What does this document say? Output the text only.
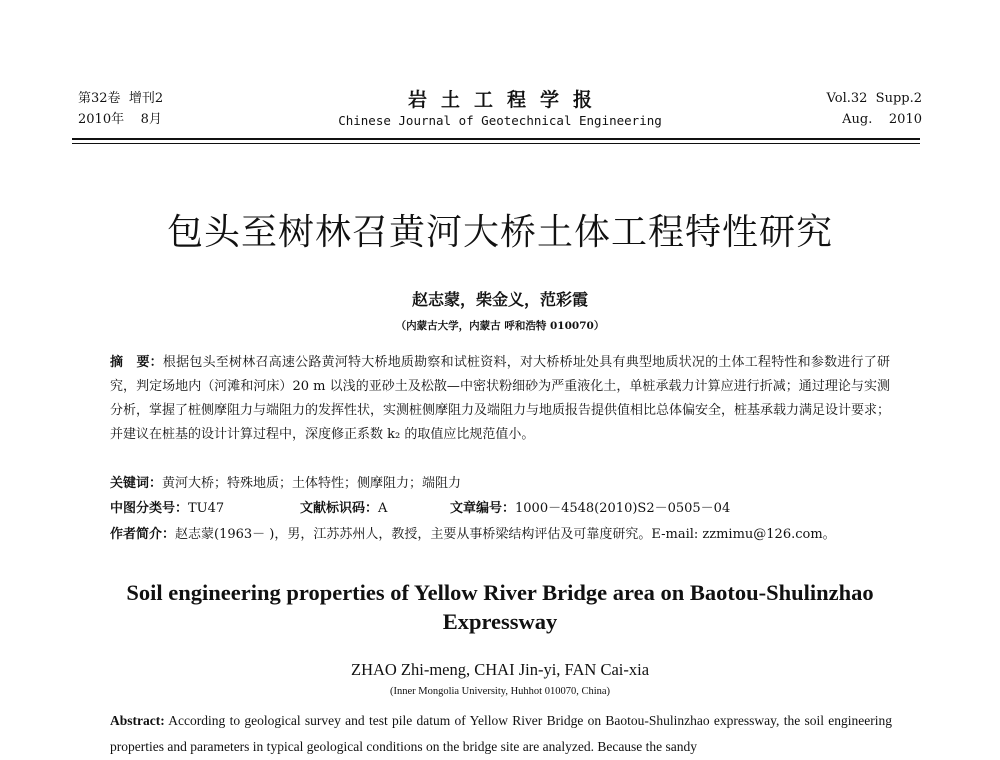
第32卷 增刊2
2010年 8月
岩土工程学报
Chinese Journal of Geotechnical Engineering
Vol.32 Supp.2
Aug. 2010
包头至树林召黄河大桥土体工程特性研究
赵志蒙，柴金义，范彩霞
（内蒙古大学，内蒙古 呼和浩特 010070）
摘　要：根据包头至树林召高速公路黄河特大桥地质勘察和试桩资料，对大桥桥址处具有典型地质状况的土体工程特性和参数进行了研究，判定场地内（河滩和河床）20 m 以浅的亚砂土及松散—中密状粉细砂为严重液化土，单桩承载力计算应进行折减；通过理论与实测分析，掌握了桩侧摩阻力与端阻力的发挥性状，实测桩侧摩阻力及端阻力与地质报告提供值相比总体偏安全，桩基承载力满足设计要求；并建议在桩基的设计计算过程中，深度修正系数 k₂ 的取值应比规范值小。
关键词：黄河大桥；特殊地质；土体特性；侧摩阻力；端阻力
中图分类号：TU47	文献标识码：A	文章编号：1000－4548(2010)S2－0505－04
作者简介：赵志蒙(1963－ )，男，江苏苏州人，教授，主要从事桥梁结构评估及可靠度研究。E-mail: zzmimu@126.com。
Soil engineering properties of Yellow River Bridge area on Baotou-Shulinzhao Expressway
ZHAO Zhi-meng, CHAI Jin-yi, FAN Cai-xia
(Inner Mongolia University, Huhhot 010070, China)
Abstract: According to geological survey and test pile datum of Yellow River Bridge on Baotou-Shulinzhao expressway, the soil engineering properties and parameters in typical geological conditions on the bridge site are analyzed. Because the sandy
